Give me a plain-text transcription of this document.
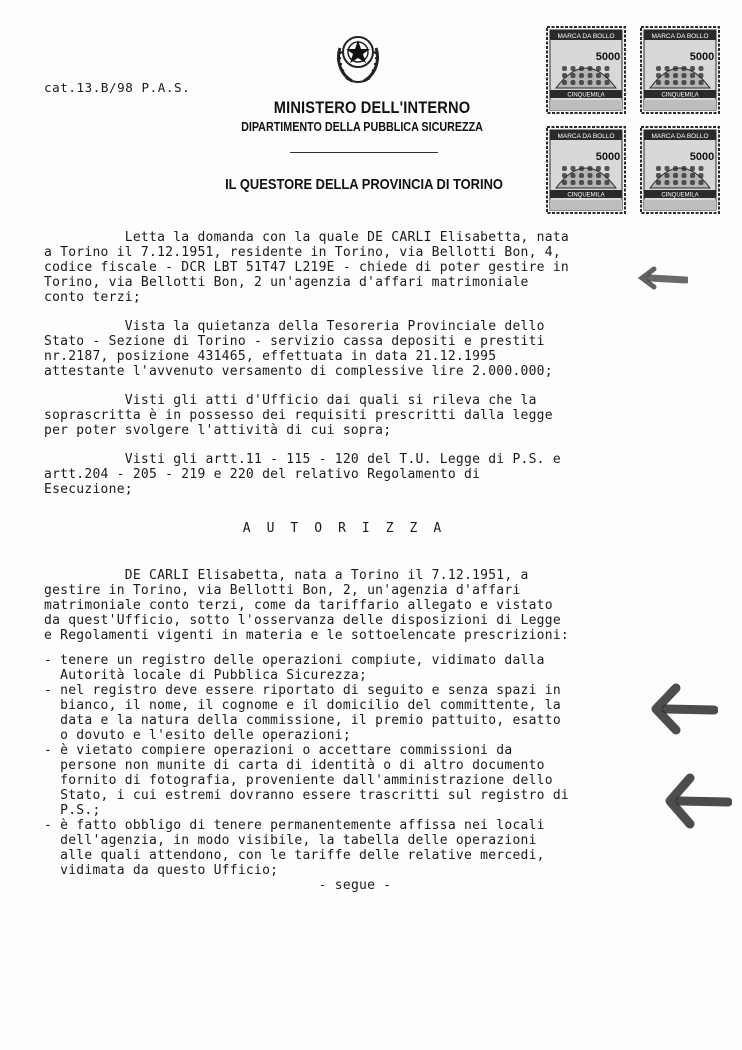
cat.13.B/98 P.A.S.
MINISTERO DELL'INTERNO
DIPARTIMENTO DELLA PUBBLICA SICUREZZA
IL QUESTORE DELLA PROVINCIA DI TORINO
MARCA DA BOLLO
CINQUEMILA
5000
MARCA DA BOLLO
CINQUEMILA
5000
MARCA DA BOLLO
CINQUEMILA
5000
MARCA DA BOLLO
CINQUEMILA
5000
Letta la domanda con la quale DE CARLI Elisabetta, nata
a Torino il 7.12.1951, residente in Torino, via Bellotti Bon, 4,
codice fiscale - DCR LBT 51T47 L219E - chiede di poter gestire in
Torino, via Bellotti Bon, 2 un'agenzia d'affari matrimoniale
conto terzi;
Vista la quietanza della Tesoreria Provinciale dello
Stato - Sezione di Torino - servizio cassa depositi e prestiti
nr.2187, posizione 431465, effettuata in data 21.12.1995
attestante l'avvenuto versamento di complessive lire 2.000.000;
Visti gli atti d'Ufficio dai quali si rileva che la
soprascritta è in possesso dei requisiti prescritti dalla legge
per poter svolgere l'attività di cui sopra;
Visti gli artt.11 - 115 - 120 del T.U. Legge di P.S. e
artt.204 - 205 - 219 e 220 del relativo Regolamento di
Esecuzione;
AUTORIZZA
DE CARLI Elisabetta, nata a Torino il 7.12.1951, a
gestire in Torino, via Bellotti Bon, 2, un'agenzia d'affari
matrimoniale conto terzi, come da tariffario allegato e vistato
da quest'Ufficio, sotto l'osservanza delle disposizioni di Legge
e Regolamenti vigenti in materia e le sottoelencate prescrizioni:
- tenere un registro delle operazioni compiute, vidimato dalla
Autorità locale di Pubblica Sicurezza;
- nel registro deve essere riportato di seguito e senza spazi in
bianco, il nome, il cognome e il domicilio del committente, la
data e la natura della commissione, il premio pattuito, esatto
o dovuto e l'esito delle operazioni;
- è vietato compiere operazioni o accettare commissioni da
persone non munite di carta di identità o di altro documento
fornito di fotografia, proveniente dall'amministrazione dello
Stato, i cui estremi dovranno essere trascritti sul registro di
P.S.;
- è fatto obbligo di tenere permanentemente affissa nei locali
dell'agenzia, in modo visibile, la tabella delle operazioni
alle quali attendono, con le tariffe delle relative mercedi,
vidimata da questo Ufficio;
- segue -
